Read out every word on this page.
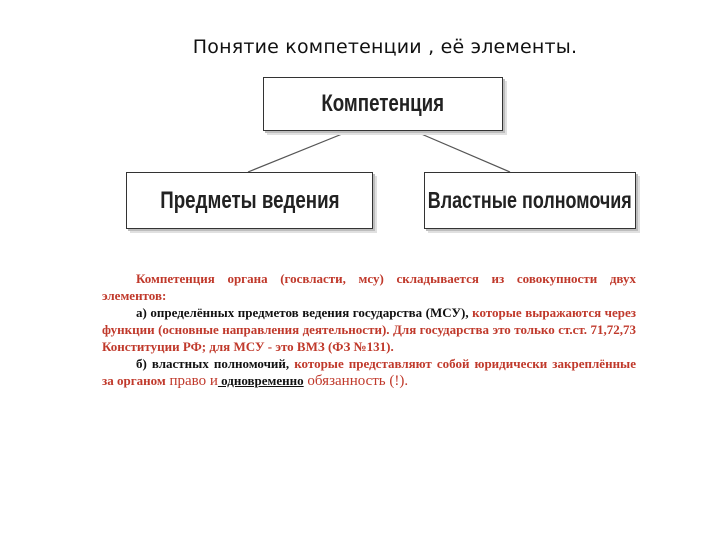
Понятие компетенции , её элементы.
Компетенция
Предметы ведения	Властные полномочия

Компетенция органа (госвласти, мсу) складывается из совокупности двух элементов:

а) определённых предметов ведения государства (МСУ), которые выражаются через функции (основные направления деятельности). Для государства это только ст.ст. 71,72,73 Конституции РФ; для МСУ - это ВМЗ (ФЗ №131).

б) властных полномочий, которые представляют собой юридически закреплённые за органом право и одновременно обязанность (!).
